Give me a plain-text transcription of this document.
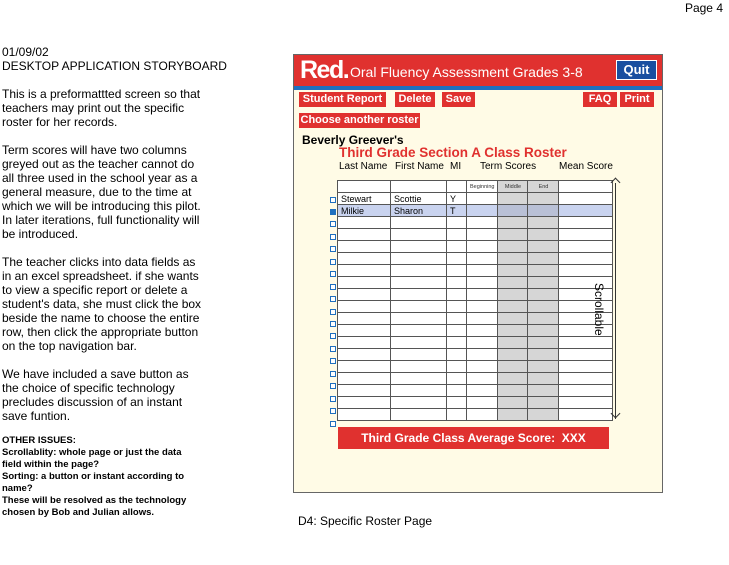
Page 4
01/09/02
DESKTOP APPLICATION STORYBOARD
This is a preformattted screen so that
teachers may print out the specific
roster for her records.
Term scores will have two columns
greyed out as the teacher cannot do
all three used in the school year as a
general measure, due to the time at
which we will be introducing this pilot.
In later iterations, full functionality will
be introduced.
The teacher clicks into data fields as
in an excel spreadsheet. if she wants
to view a specific report or delete a
student's data, she must click the box
beside the name to choose the entire
row, then click the appropriate button
on the top navigation bar.
We have included a save button as
the choice of specific technology
precludes discussion of an instant
save funtion.
OTHER ISSUES:
Scrollablity: whole page or just the data
field within the page?
Sorting: a button or instant according to
name?
These will be resolved as the technology
chosen by Bob and Julian allows.
D4: Specific Roster Page
Red. Oral Fluency Assessment Grades 3-8	Quit
Student Report	Delete	Save	FAQ	Print
Choose another roster
Beverly Greever's
Third Grade Section A Class Roster
Last Name First Name MI Term Scores Mean Score
			Beginning	Middle	End	
Stewart	Scottie	Y				
Milkie	Sharon	T				

Scrollable
Third Grade Class Average Score: XXX
